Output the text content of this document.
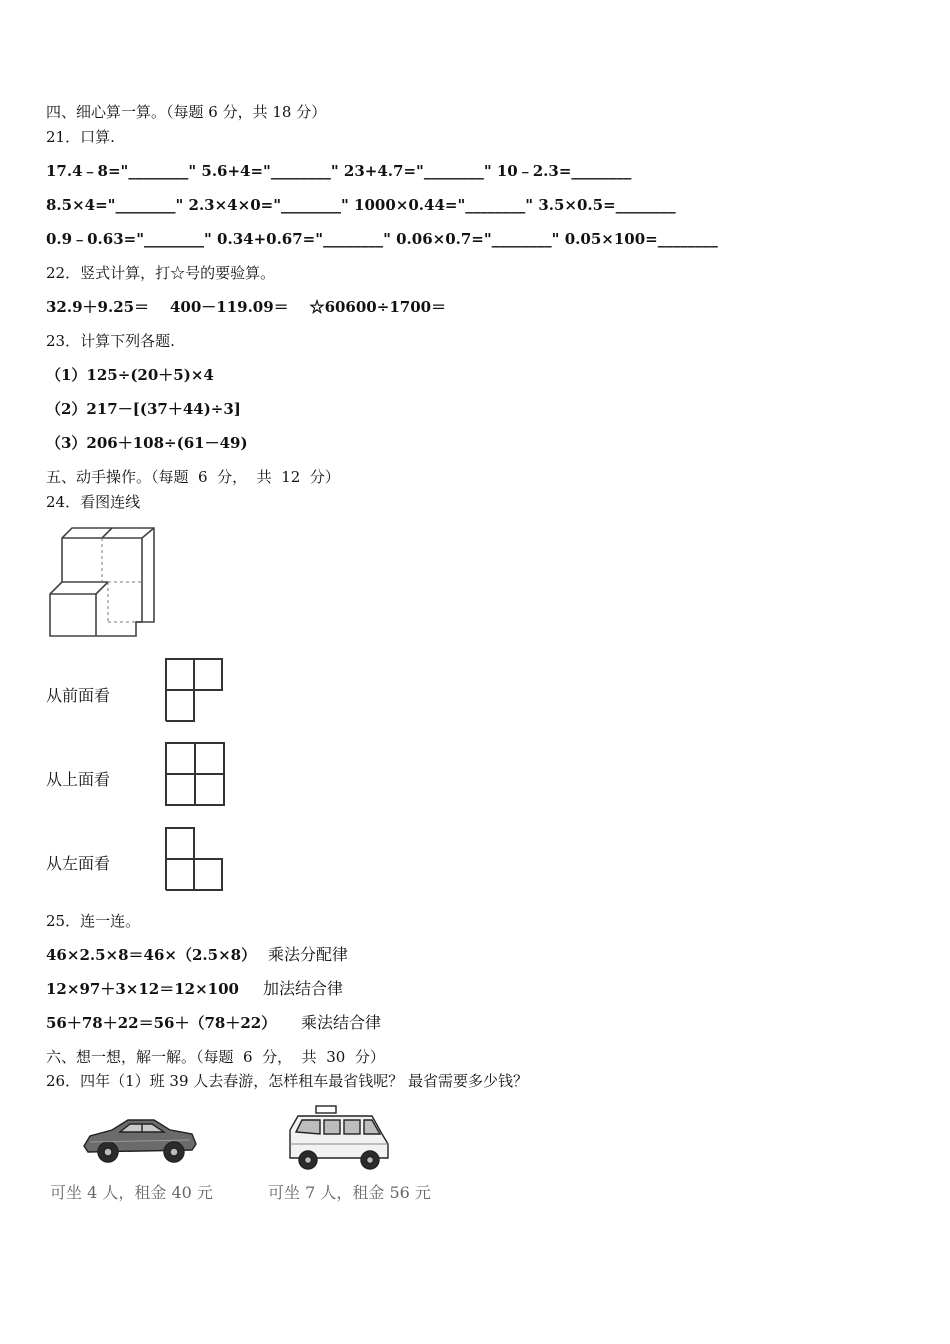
四、细心算一算。（每题 6 分，共 18 分）
21．口算.
17.4﹣8="________" 5.6+4="________" 23+4.7="________" 10﹣2.3=________
8.5×4="________" 2.3×4×0="________" 1000×0.44="________" 3.5×0.5=________
0.9﹣0.63="________" 0.34+0.67="________" 0.06×0.7="________" 0.05×100=________
22．竖式计算，打☆号的要验算。
32.9＋9.25＝    400－119.09＝    ☆60600÷1700＝
23．计算下列各题.
（1）125÷(20＋5)×4
（2）217－[(37＋44)÷3]
（3）206＋108÷(61－49)
五、动手操作。（每题  6  分，  共  12  分）
24．看图连线
从前面看
从上面看
从左面看
25．连一连。
46×2.5×8＝46×（2.5×8） 乘法分配律
12×97＋3×12＝12×100 加法结合律
56＋78＋22＝56＋（78＋22） 乘法结合律
六、想一想，解一解。（每题  6  分，  共  30  分）
26．四年（1）班 39 人去春游，怎样租车最省钱呢？ 最省需要多少钱？
可坐 4 人，租金 40 元	可坐 7 人，租金 56 元
